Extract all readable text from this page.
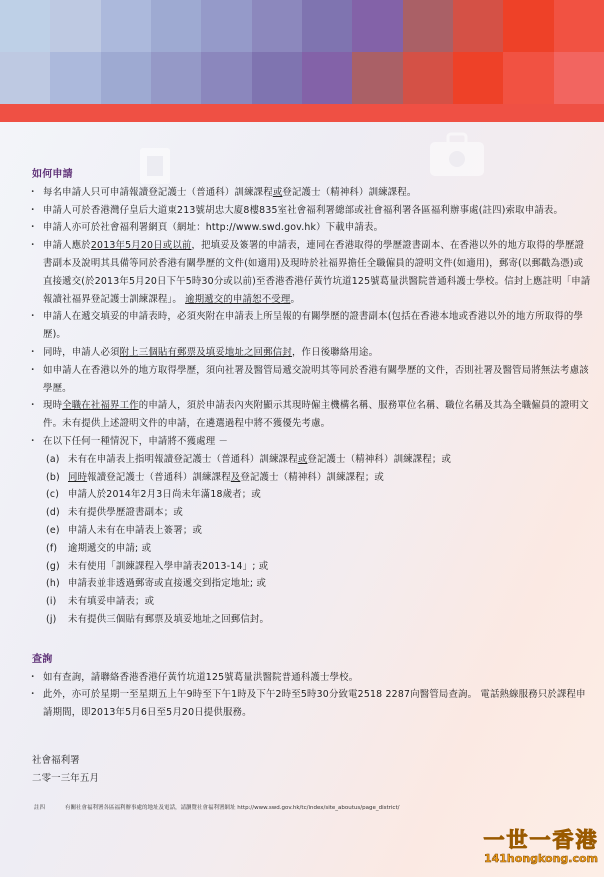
如何申請
・ 每名申請人只可申請報讀登記護士（普通科）訓練課程或登記護士（精神科）訓練課程。
・ 申請人可於香港灣仔皇后大道東213號胡忠大廈8樓835室社會福利署總部或社會福利署各區福利辦事處(註四)索取申請表。
・ 申請人亦可於社會福利署網頁（網址：http://www.swd.gov.hk）下載申請表。
・ 申請人應於2013年5月20日或以前，把填妥及簽署的申請表，連同在香港取得的學歷證書副本、在香港以外的地方取得的學歷證書副本及說明其具備等同於香港有關學歷的文件(如適用)及現時於社福界擔任全職僱員的證明文件(如適用)，郵寄(以郵戳為憑)或直接遞交(於2013年5月20日下午5時30分或以前)至香港香港仔黃竹坑道125號葛量洪醫院普通科護士學校。信封上應註明「申請報讀社福界登記護士訓練課程」。 逾期遞交的申請恕不受理。
・ 申請人在遞交填妥的申請表時，必須夾附在申請表上所呈報的有關學歷的證書副本(包括在香港本地或香港以外的地方所取得的學歷)。
・ 同時，申請人必須附上三個貼有郵票及填妥地址之回郵信封，作日後聯絡用途。
・ 如申請人在香港以外的地方取得學歷，須向社署及醫管局遞交說明其等同於香港有關學歷的文件，否則社署及醫管局將無法考慮該學歷。
・ 現時全職在社福界工作的申請人，須於申請表內夾附顯示其現時僱主機構名稱、服務單位名稱、職位名稱及其為全職僱員的證明文件。未有提供上述證明文件的申請，在遴選過程中將不獲優先考慮。
・ 在以下任何一種情況下，申請將不獲處理 －
(a) 未有在申請表上指明報讀登記護士（普通科）訓練課程或登記護士（精神科）訓練課程；或
(b) 同時報讀登記護士（普通科）訓練課程及登記護士（精神科）訓練課程；或
(c) 申請人於2014年2月3日尚未年滿18歲者；或
(d) 未有提供學歷證書副本；或
(e) 申請人未有在申請表上簽署；或
(f)	逾期遞交的申請; 或
(g) 未有使用「訓練課程入學申請表2013-14」; 或
(h) 申請表並非透過郵寄或直接遞交到指定地址; 或
(i)	未有填妥申請表；或
(j)	未有提供三個貼有郵票及填妥地址之回郵信封。
查詢
・ 如有查詢，請聯絡香港香港仔黃竹坑道125號葛量洪醫院普通科護士學校。
・ 此外，亦可於星期一至星期五上午9時至下午1時及下午2時至5時30分致電2518 2287向醫管局查詢。 電話熱線服務只於課程申請期間，即2013年5月6日至5月20日提供服務。
社會福利署
二零一三年五月
註四	有關社會福利署各區福利辦事處的地址及電話，請瀏覽社會福利署網址 http://www.swd.gov.hk/tc/index/site_aboutus/page_district/
一世一香港
141hongkong.com
